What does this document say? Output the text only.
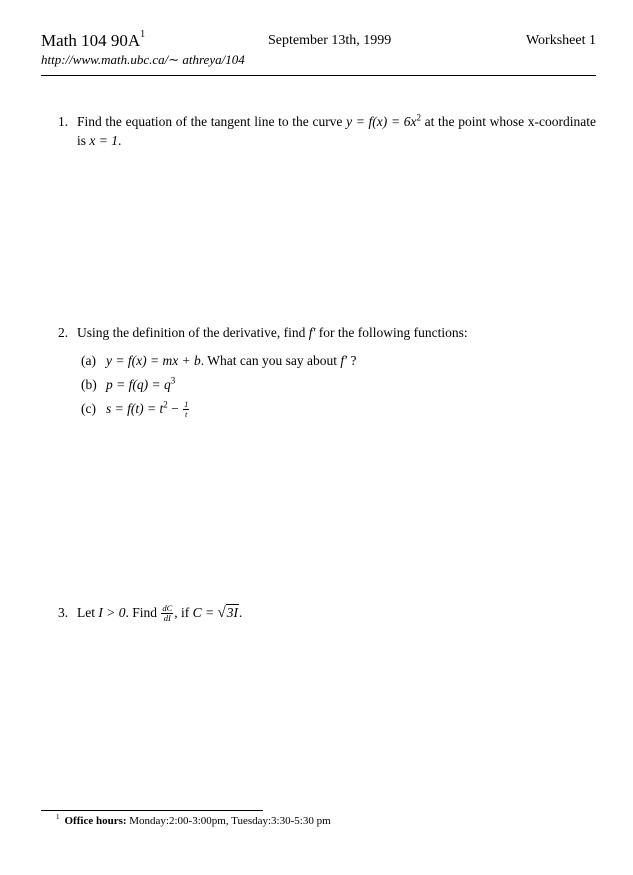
Math 104 $90A^1$	September 13th, 1999	Worksheet 1
http://www.math.ubc.ca/∼ athreya/104
1. Find the equation of the tangent line to the curve $y = f(x) = 6x^2$ at the point whose x-coordinate is x = 1.
2. Using the definition of the derivative, find f′ for the following functions:
(a) y = f(x) = mx + b. What can you say about f′ ?
(b) $p = f(q) = q^3$
(c) $s = f(t) = t^2 - \frac{1}{t}$
3. Let I > 0. Find $\frac{dC}{dI}$ , if C = √3I.
$^1$ Office hours: Monday:2:00-3:00pm, Tuesday:3:30-5:30 pm
